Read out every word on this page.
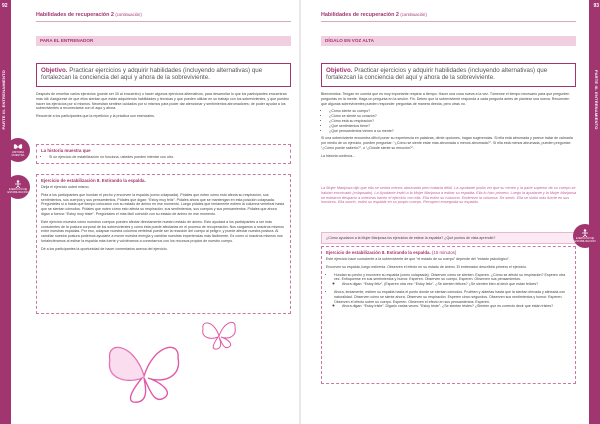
92
PARTE III. ENTRENAMIENTO
Habilidades de recuperación 2 (continuación)
PARA EL ENTRENADOR
Objetivo. Practicar ejercicios y adquirir habilidades (incluyendo alternativas) que fortalezcan la conciencia del aquí y ahora de la sobreviviente.

Después de enseñar varios ejercicios (puede ser 30 al encuentro) o hacer algunos ejercicios alternativos, para desarrollar lo que los participantes encuentran más útil. Asegúrese de que ellos sientan que están adquiriendo habilidades y técnicas y que pueden utilizar en su trabajo con los sobrevivientes, y que pueden hacer los ejercicios por sí mismos. Necesitan sentirse cuidados por sí mismos para poder dar atencionar y sentimientos abrumadores; de poder ayudar a los sobrevivientes a reconectarse con el aquí y ahora.

Recuerde a los participantes que la repetición y la práctica son esenciales.

HISTORIA MUESTRA
La historia muestra que
• Si un ejercicio de estabilización no funciona, ustedes pueden intentar con otro.
EJERCICIO DE ESTABILIZACIÓN
Ejercicio de estabilización 8. Estirando la espalda.

Dirija el ejercicio usted mismo.

Pida a los participantes que hundan el pecho y encorven la espalda (como colapsada). Pídales que noten cómo esto afecta su respiración, sus sentimientos, sus cuerpos y sus pensamientos. Pídales que digan: “Estoy muy feliz”. Pídales ahora que se mantengan en esta posición colapsada. Pregúnteles si a hasta qué tiempo colocaron con su estado de ánimo en ese momento. Luego pídales que lentamente estiren la columna vertebral hasta que se sientan cómodos. Pídales que noten cómo esto afecta su respiración, sus sentimientos, sus cuerpos y sus pensamientos. Pídales que ahora digan a fuerza: “Estoy muy triste”. Pregúntales el más fácil coincidir con su estado de ánimo en ese momento.

Este ejercicio muestra cómo nuestros cuerpos pueden afectar directamente nuestro estado de ánimo. Esto ayudará a los participantes a ser más conscientes de la postura corporal de los sobrevivientes y cómo ésta puede afectarlas en el proceso de recuperación. Nos cargamos a nosotros mismos entre nuestras espaldas. Por eso, colapsar nuestra columna vertebral puede ser la reacción del cuerpo al peligro, y puede afectar nuestra postura. Al cambiar nuestra postura podemos ayudarle a mover nuestra energía y cambiar nuestras experiencias más fácilmente. Es como si nosotros mismos nos fortaleciéramos al estirar la espalda más fuerte y volviéramos a conectarnos con los recursos propios de nuestro cuerpo.

Dé a los participantes la oportunidad de hacer comentarios acerca del ejercicio.

93
PARTE III. ENTRENAMIENTO
Habilidades de recuperación 2 (continuación)
DÍGALO EN VOZ ALTA
Objetivo. Practicar ejercicios y adquirir habilidades (incluyendo alternativas) que fortalezcan la conciencia del aquí y ahora de la sobreviviente.

Bienvenidos. Tengan en cuenta que es muy importante respirar a tiempo. Hacer una cosa nueva a la vez. Tómense el tiempo necesario para que pregunten preguntas en la mente. Haga un pregunta en la sesión. Fin. Deben que la sobreviviente responda a cada pregunta antes de plantear una nueva. Recuerden que algunas sobrevivientes pueden responder preguntas de manera directa, pero otras no.

• ¿Cómo siente su cuerpo?
• ¿Cómo se siente su corazón?
• ¿Cómo está su respiración?
• ¿Qué sentimientos tiene?
• ¿Qué pensamientos vienen a su mente?

Si una sobreviviente encuentra difícil poner su experiencia en palabras, dénle opciones, hagan sugerencias. Si ella está abrumada y parece tratar de calmarla por medio de un ejercicio, pueden preguntar: “¿Cómo se siente estar más abrumada o menos abrumada?”. Si ella está menos abrumada, pueden preguntar: “¿Cómo puede saberlo?”, o “¿Dónde siente su emoción?”.

La historia continúa...

La Mujer Mariposa dijo que ella se sentía menos abrumada pero todavía débil. La ayudante podía ver que su centro y la parte superior de su cuerpo se habían encorvado (colapsado). La Ayudante invitó a la Mujer Mariposa a estirar su espalda. Ella lo hizo primero. Luego la ayudante y la Mujer Mariposa se estiraron despacio a mientras hacen el ejercicio con ella. Ella estiró su columna. Enderezó la columna. Se sentó. Ella se sintió más fuerte en sus hombros. Ella sonrió, estiró su espalda en su propio cuerpo. Recuperó enseguida su espalda.
¿Cómo ayudaron a la Mujer Mariposa los ejercicios de estirar la espalda? ¿Qué puntos de vista aprendió?
Ejercicio de estabilización 8. Estirando la espalda. (15 minutos)

Este ejercicio hace consciente a la sobreviviente de que “el estado de su cuerpo” depende del “estado psicológico”.

Encorven su espalda, luego estírenla. Observen el efecto en su estado de ánimo. El entrenador describirá primero el ejercicio.

• Hundan su pecho y encorven su espalda (como colapsada). Observen cómo se sienten. Esperen. ¿Cómo se afectó su respiración? Esperen otra vez. Enfóquense en sus sentimientos y humor. Esperen. Observen su cuerpo. Esperen. Observen sus pensamientos.
◦ Ahora digan: “Estoy feliz”. (Esperen otra vez: “Estoy feliz”. ¿Se sienten felices? ¿Se sienten bien al decir que están felices?
• Ahora, lentamente, estiren su espalda hasta el punto donde se sientan cómodos. Pruében y abiertas hasta que la sientan elevada y alineada con naturalidad. Observen cómo se siente ahora. Observen su respiración. Esperen cinco segundos. Observen sus sentimientos y humor. Esperen. Observen el efecto sobre su cuerpo. Esperen. Observen el efecto en sus pensamientos. Esperen.
◦ Ahora digan: “Estoy triste”. Digarlo varias veces: “Estoy triste”. ¿Se sienten tristes? ¿Sienten que es correcto decir que están tristes?
EJERCICIO DE ESTABILIZACIÓN
